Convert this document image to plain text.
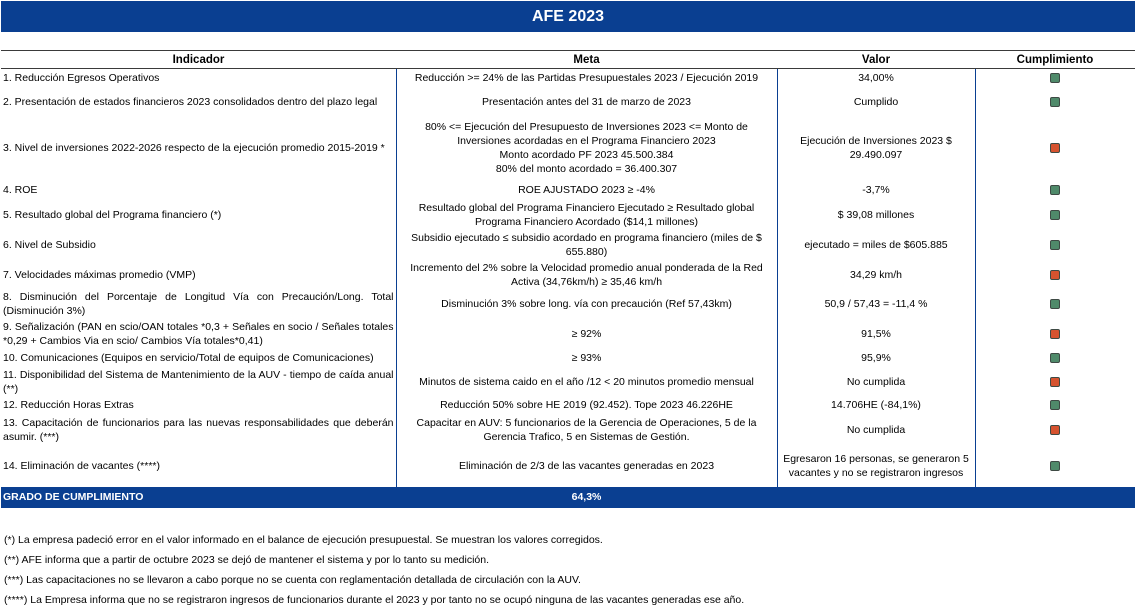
AFE 2023
Indicador	Meta	Valor	Cumplimiento
1. Reducción Egresos Operativos	Reducción >= 24% de las Partidas Presupuestales 2023 / Ejecución 2019	34,00%	

2. Presentación de estados financieros 2023 consolidados dentro del plazo legal	Presentación antes del 31 de marzo de 2023	Cumplido	

3. Nivel de inversiones 2022-2026 respecto de la ejecución promedio 2015-2019 *	80% <= Ejecución del Presupuesto de Inversiones 2023 <= Monto de Inversiones acordadas en el Programa Financiero 2023
Monto acordado PF 2023 45.500.384
80% del monto acordado = 36.400.307	Ejecución de Inversiones 2023 $ 29.490.097	

4. ROE	ROE AJUSTADO 2023 ≥ -4%	-3,7%	

5. Resultado global del Programa financiero (*)	Resultado global del Programa Financiero Ejecutado ≥ Resultado global Programa Financiero Acordado ($14,1 millones)	$ 39,08 millones	

6. Nivel de Subsidio	Subsidio ejecutado ≤ subsidio acordado en programa financiero (miles de $ 655.880)	ejecutado = miles de $605.885	

7. Velocidades máximas promedio (VMP)	Incremento del 2% sobre la Velocidad promedio anual ponderada de la Red Activa (34,76km/h) ≥ 35,46 km/h	34,29 km/h	

8. Disminución del Porcentaje de Longitud Vía con Precaución/Long. Total (Disminución 3%)	Disminución 3% sobre long. vía con precaución (Ref 57,43km)	50,9 / 57,43 = -11,4 %	

9. Señalización (PAN en scio/OAN totales *0,3 + Señales en socio / Señales totales *0,29 + Cambios Via en scio/ Cambios Vía totales*0,41)	≥ 92%	91,5%	

10. Comunicaciones (Equipos en servicio/Total de equipos de Comunicaciones)	≥ 93%	95,9%	

11. Disponibilidad del Sistema de Mantenimiento de la AUV - tiempo de caída anual (**)	Minutos de sistema caido en el año /12 < 20 minutos promedio mensual	No cumplida	

12. Reducción Horas Extras	Reducción 50% sobre HE 2019 (92.452). Tope 2023 46.226HE	14.706HE (-84,1%)	

13. Capacitación de funcionarios para las nuevas responsabilidades que deberán asumir. (***)	Capacitar en AUV: 5 funcionarios de la Gerencia de Operaciones, 5 de la Gerencia Trafico, 5 en Sistemas de Gestión.	No cumplida	

14. Eliminación de vacantes (****)	Eliminación de 2/3 de las vacantes generadas en 2023	Egresaron 16 personas, se generaron 5 vacantes y no se registraron ingresos	

GRADO DE CUMPLIMIENTO	64,3%		
(*) La empresa padeció error en el valor informado en el balance de ejecución presupuestal. Se muestran los valores corregidos.
(**) AFE informa que a partir de octubre 2023 se dejó de mantener el sistema y por lo tanto su medición.
(***) Las capacitaciones no se llevaron a cabo porque no se cuenta con reglamentación detallada de circulación con la AUV.
(****) La Empresa informa que no se registraron ingresos de funcionarios durante el 2023 y por tanto no se ocupó ninguna de las vacantes generadas ese año.
